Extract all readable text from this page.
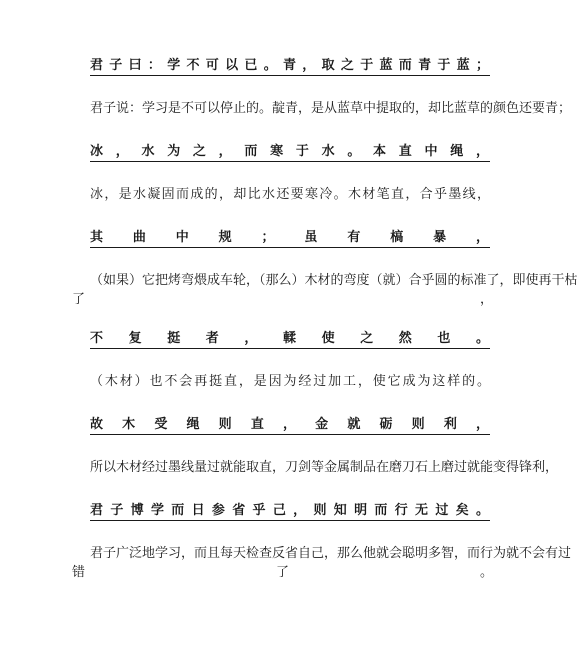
君子曰：学不可以已。青，取之于蓝而青于蓝；
君子说：学习是不可以停止的。靛青，是从蓝草中提取的，却比蓝草的颜色还要青；
冰，水为之，而寒于水。本直中绳，
冰，是水凝固而成的，却比水还要寒冷。木材笔直，合乎墨线，
其曲中规；虽有槁暴，
（如果）它把烤弯煨成车轮，（那么）木材的弯度（就）合乎圆的标准了，即使再干枯
了	，
不复挺者，輮使之然也。
（木材）也不会再挺直，是因为经过加工，使它成为这样的。
故木受绳则直，金就砺则利，
所以木材经过墨线量过就能取直，刀剑等金属制品在磨刀石上磨过就能变得锋利，
君子博学而日参省乎己，则知明而行无过矣。
君子广泛地学习，而且每天检查反省自己，那么他就会聪明多智，而行为就不会有过
错	了	。
